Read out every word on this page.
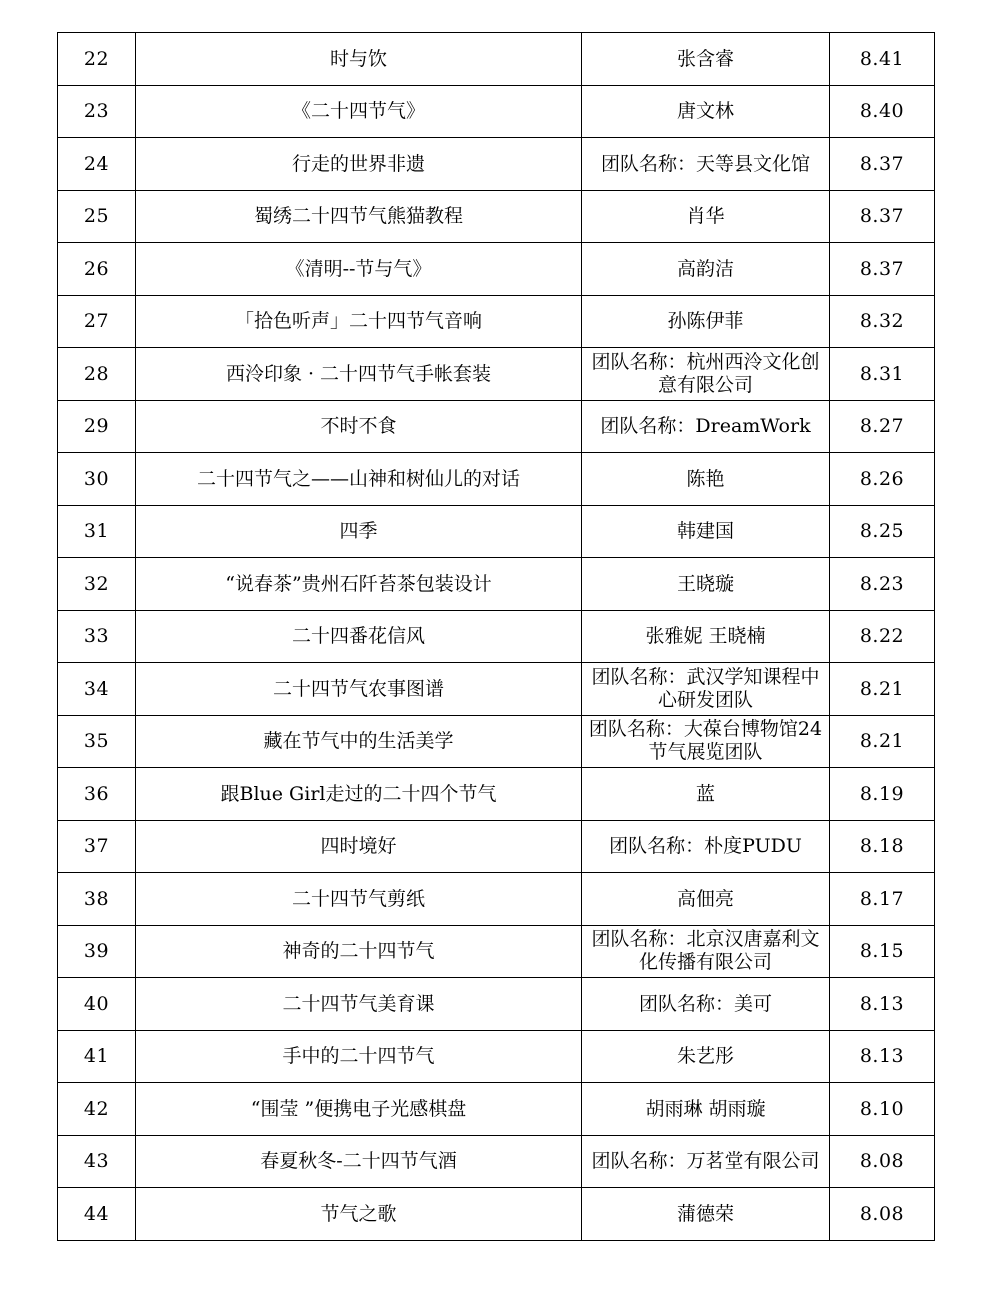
22	时与饮	张含睿	8.41
23	《二十四节气》	唐文林	8.40
24	行走的世界非遗	团队名称：天等县文化馆	8.37
25	蜀绣二十四节气熊猫教程	肖华	8.37
26	《清明--节与气》	高韵洁	8.37
27	「拾色听声」二十四节气音响	孙陈伊菲	8.32
28	西泠印象 · 二十四节气手帐套装	团队名称：杭州西泠文化创意有限公司	8.31
29	不时不食	团队名称：DreamWork	8.27
30	二十四节气之——山神和树仙儿的对话	陈艳	8.26
31	四季	韩建国	8.25
32	“说春茶”贵州石阡苔茶包装设计	王晓璇	8.23
33	二十四番花信风	张雅妮 王晓楠	8.22
34	二十四节气农事图谱	团队名称：武汉学知课程中心研发团队	8.21
35	藏在节气中的生活美学	团队名称：大葆台博物馆24节气展览团队	8.21
36	跟Blue Girl走过的二十四个节气	蓝	8.19
37	四时境好	团队名称：朴度PUDU	8.18
38	二十四节气剪纸	高佃亮	8.17
39	神奇的二十四节气	团队名称：北京汉唐嘉利文化传播有限公司	8.15
40	二十四节气美育课	团队名称：美可	8.13
41	手中的二十四节气	朱艺彤	8.13
42	“围莹 ”便携电子光感棋盘	胡雨琳 胡雨璇	8.10
43	春夏秋冬-二十四节气酒	团队名称：万茗堂有限公司	8.08
44	节气之歌	蒲德荣	8.08
